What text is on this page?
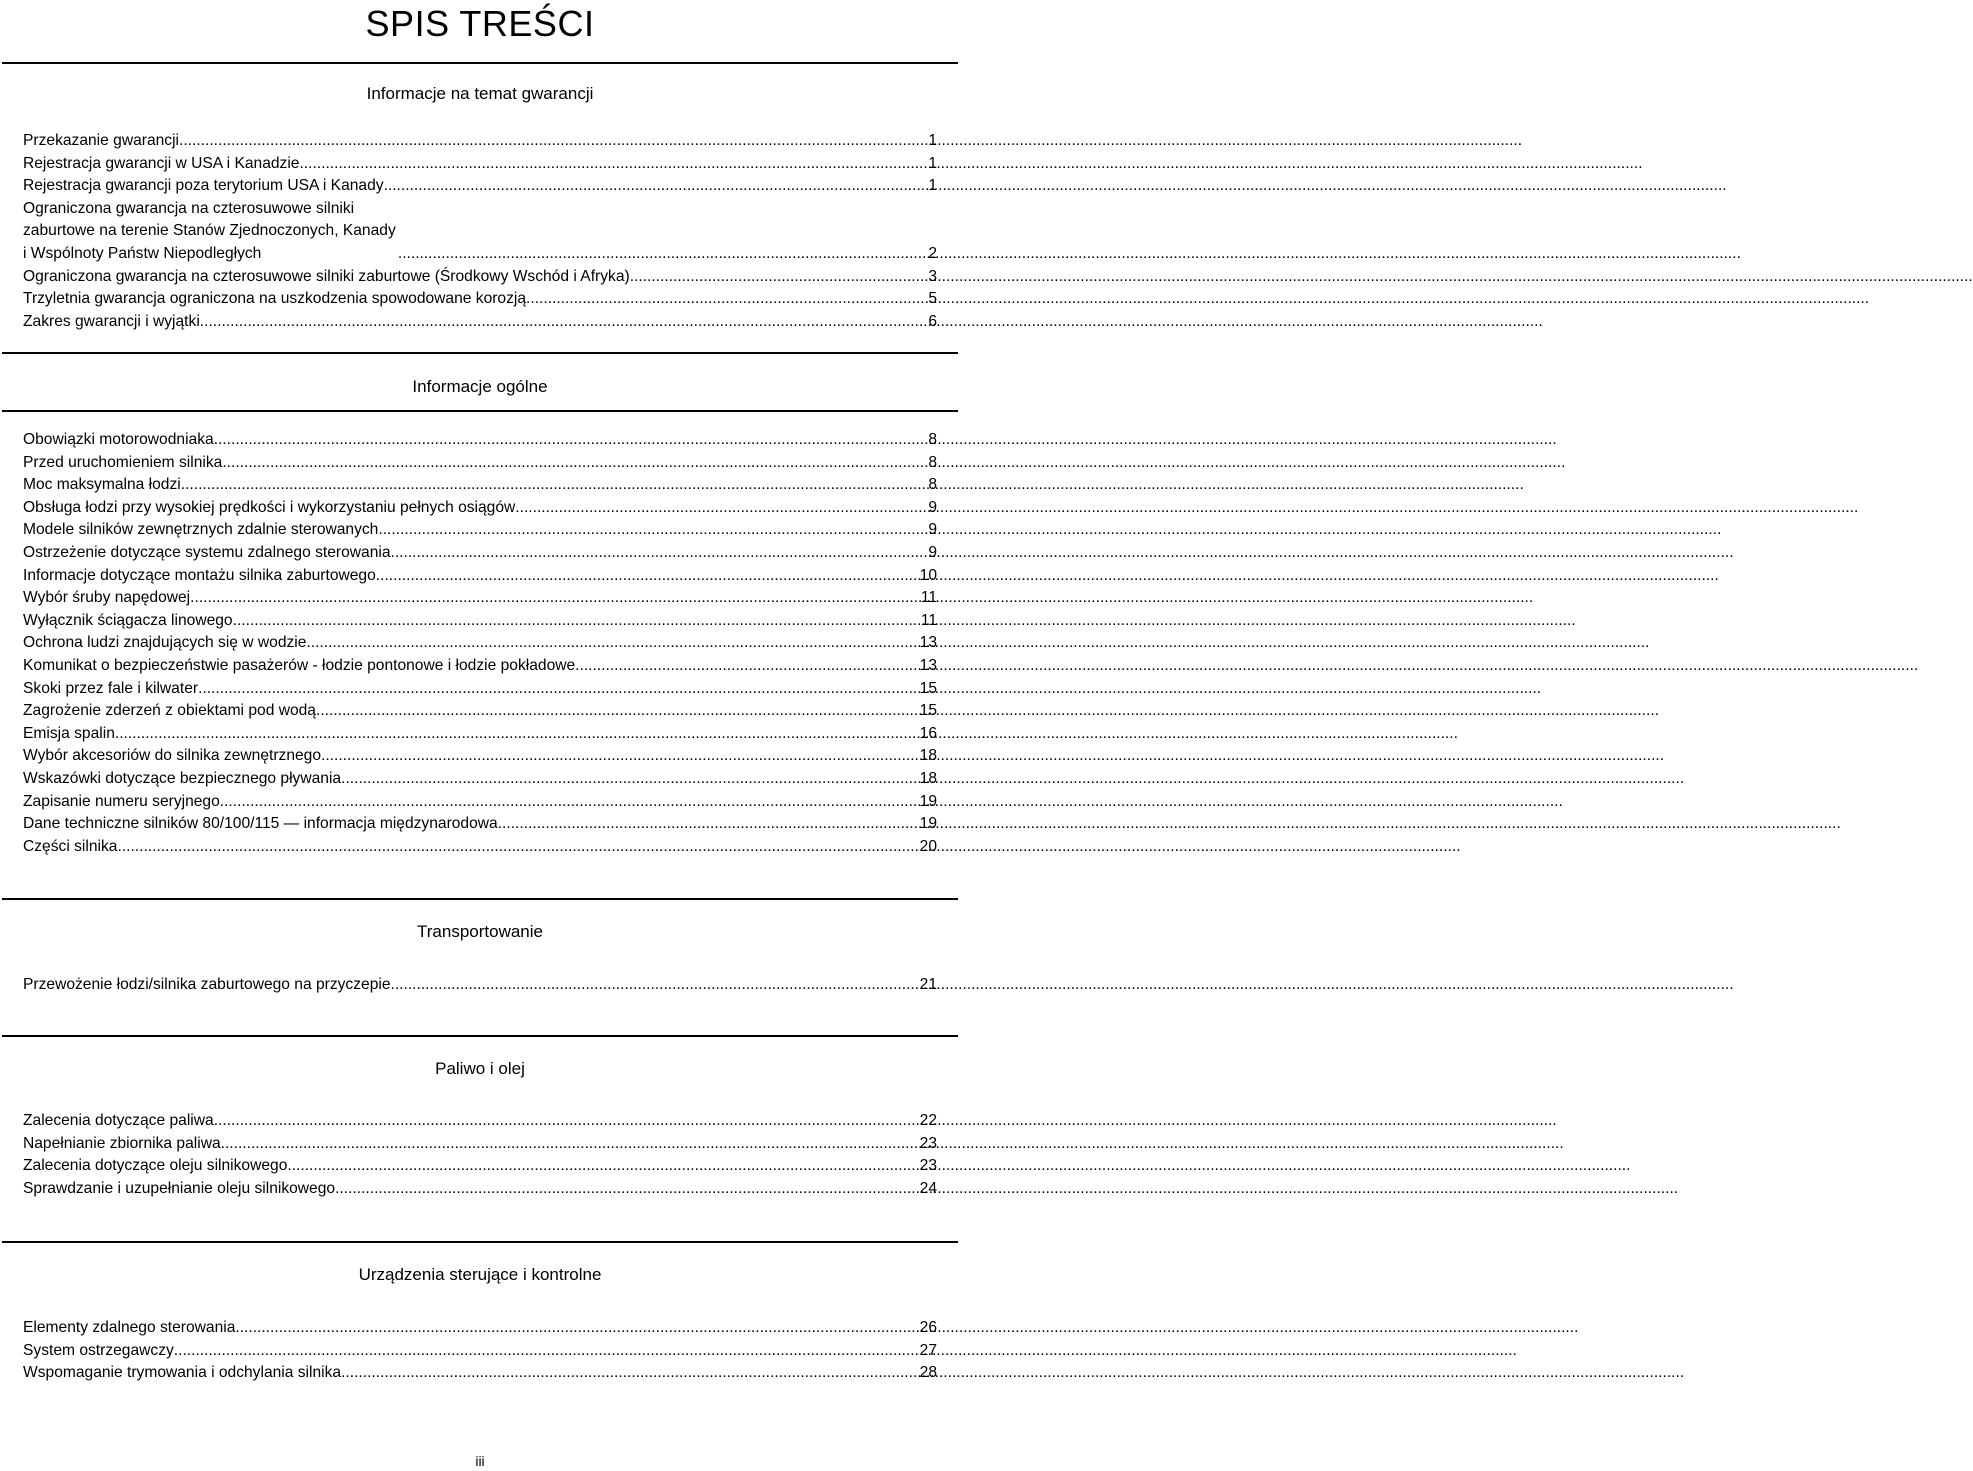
SPIS TREŚCI
Informacje na temat gwarancji
Przekazanie gwarancji .....	1
Rejestracja gwarancji w USA i Kanadzie .....	1
Rejestracja gwarancji poza terytorium USA i Kanady .....	1
Ograniczona gwarancja na czterosuwowe silniki zaburtowe na terenie Stanów Zjednoczonych, Kanady i Wspólnoty Państw Niepodległych .....	2
Ograniczona gwarancja na czterosuwowe silniki zaburtowe (Środkowy Wschód i Afryka) .....	3
Trzyletnia gwarancja ograniczona na uszkodzenia spowodowane korozją .....	5
Zakres gwarancji i wyjątki .....	6
Informacje ogólne
Obowiązki motorowodniaka .....	8
Przed uruchomieniem silnika .....	8
Moc maksymalna łodzi .....	8
Obsługa łodzi przy wysokiej prędkości i wykorzystaniu pełnych osiągów .....	9
Modele silników zewnętrznych zdalnie sterowanych .....	9
Ostrzeżenie dotyczące systemu zdalnego sterowania .....	9
Informacje dotyczące montażu silnika zaburtowego .....	10
Wybór śruby napędowej .....	11
Wyłącznik ściągacza linowego .....	11
Ochrona ludzi znajdujących się w wodzie .....	13
Komunikat o bezpieczeństwie pasażerów - łodzie pontonowe i łodzie pokładowe .....	13
Skoki przez fale i kilwater .....	15
Zagrożenie zderzeń z obiektami pod wodą .....	15
Emisja spalin .....	16
Wybór akcesoriów do silnika zewnętrznego .....	18
Wskazówki dotyczące bezpiecznego pływania .....	18
Zapisanie numeru seryjnego .....	19
Dane techniczne silników 80/100/115 — informacja międzynarodowa .....	19
Części silnika .....	20
Transportowanie
Przewożenie łodzi/silnika zaburtowego na przyczepie .....	21
Paliwo i olej
Zalecenia dotyczące paliwa .....	22
Napełnianie zbiornika paliwa .....	23
Zalecenia dotyczące oleju silnikowego .....	23
Sprawdzanie i uzupełnianie oleju silnikowego .....	24
Urządzenia sterujące i kontrolne
Elementy zdalnego sterowania .....	26
System ostrzegawczy .....	27
Wspomaganie trymowania i odchylania silnika .....	28
iii
